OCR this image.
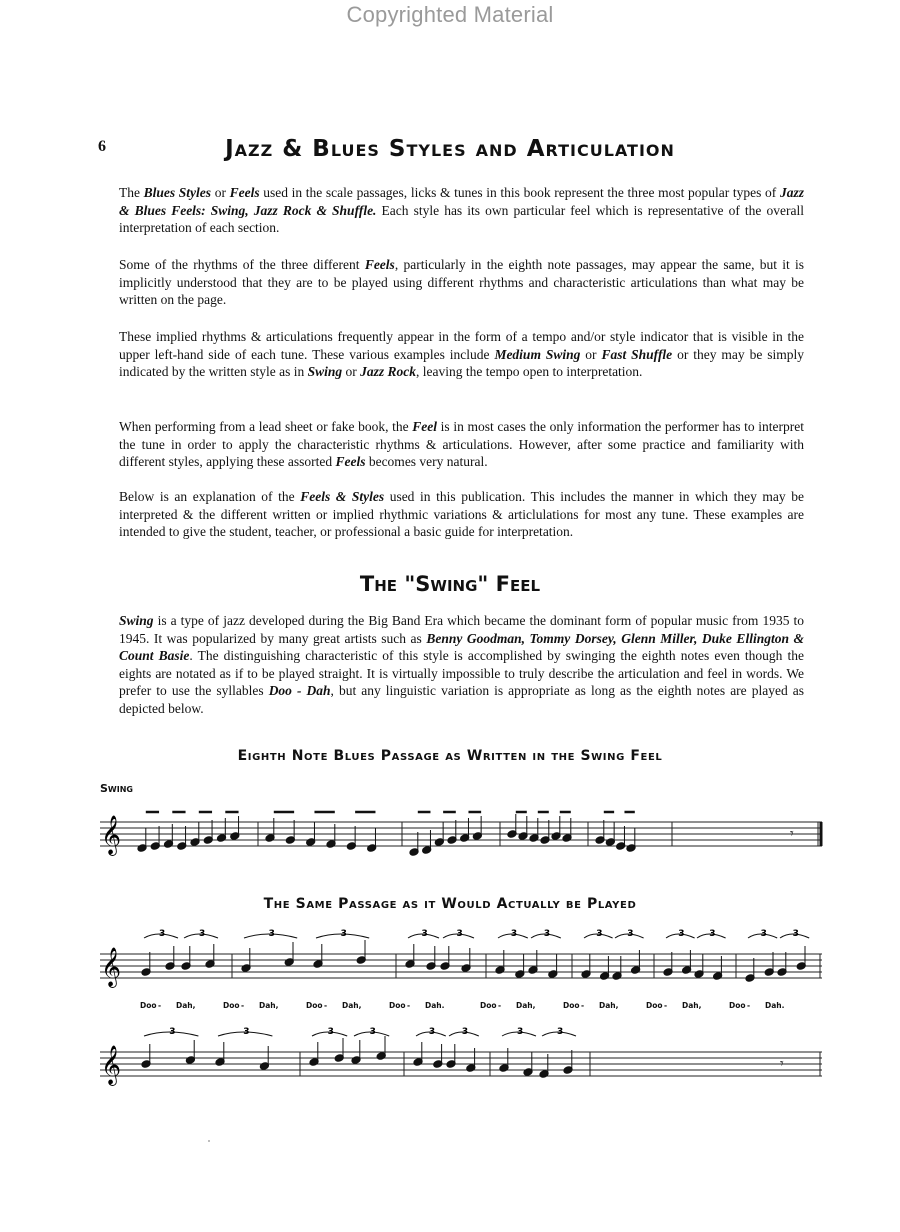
Copyrighted Material
6	Jazz & Blues Styles and Articulation

The Blues Styles or Feels used in the scale passages, licks & tunes in this book represent the three most popular types of Jazz & Blues Feels: Swing, Jazz Rock & Shuffle. Each style has its own particular feel which is representative of the overall interpretation of each section.

Some of the rhythms of the three different Feels, particularly in the eighth note passages, may appear the same, but it is implicitly understood that they are to be played using different rhythms and characteristic articulations than what may be written on the page.

These implied rhythms & articulations frequently appear in the form of a tempo and/or style indicator that is visible in the upper left-hand side of each tune. These various examples include Medium Swing or Fast Shuffle or they may be simply indicated by the written style as in Swing or Jazz Rock, leaving the tempo open to interpretation.

When performing from a lead sheet or fake book, the Feel is in most cases the only information the performer has to interpret the tune in order to apply the characteristic rhythms & articulations. However, after some practice and familiarity with different styles, applying these assorted Feels becomes very natural.

Below is an explanation of the Feels & Styles used in this publication. This includes the manner in which they may be interpreted & the different written or implied rhythmic variations & articlulations for most any tune. These examples are intended to give the student, teacher, or professional a basic guide for interpretation.

The "Swing" Feel

Swing is a type of jazz developed during the Big Band Era which became the dominant form of popular music from 1935 to 1945. It was popularized by many great artists such as Benny Goodman, Tommy Dorsey, Glenn Miller, Duke Ellington & Count Basie. The distinguishing characteristic of this style is accomplished by swinging the eighth notes even though the eights are notated as if to be played straight. It is virtually impossible to truly describe the articulation and feel in words. We prefer to use the syllables Doo - Dah, but any linguistic variation is appropriate as long as the eighth notes are played as depicted below.

Eighth Note Blues Passage as Written in the Swing Feel
Swing
𝄞	𝄾
The Same Passage as it Would Actually be Played
𝄞
3	3	3	3	3	3	3	3	3	3	3	3	3	3
Doo - Dah,	Doo - Dah,	Doo - Dah,	Doo - Dah.	Doo - Dah,	Doo - Dah,	Doo - Dah,	Doo - Dah.
𝄞
3	3	3	3	3	3	3	3
𝄾
